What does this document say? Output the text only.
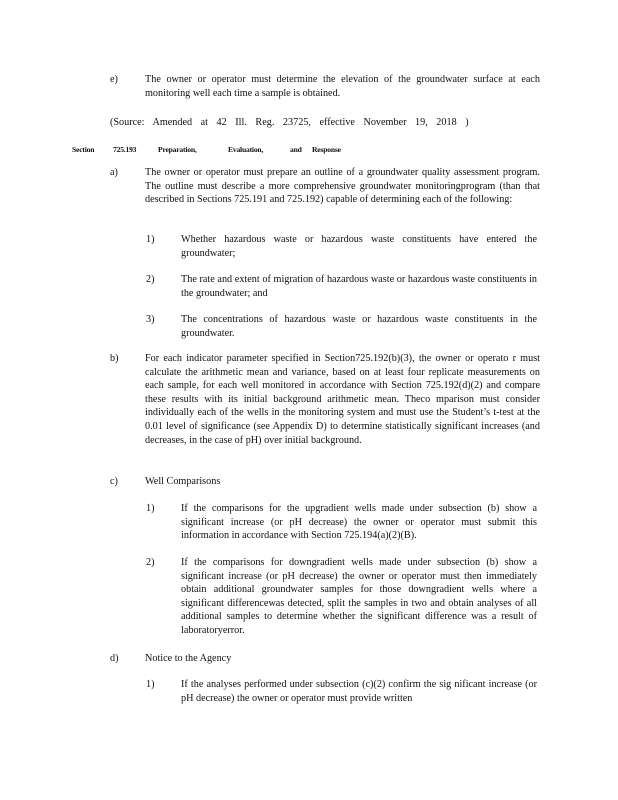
e)	The owner or operator must determine the elevation of the groundwater surface at each monitoring well each time a sample is obtained.
(Source: Amended at 42 Ill. Reg. 23725, effective November 19, 2018 )
Section 725.193	Preparation,	Evaluation,	and Response
a)	The owner or operator must prepare an outline of a groundwater quality assessment program. The outline must describe a more comprehensive groundwater monitoringprogram (than that described in Sections 725.191 and 725.192) capable of determining each of the following:
1)	Whether hazardous waste or hazardous waste constituents have entered the groundwater;
2)	The rate and extent of migration of hazardous waste or hazardous waste constituents in the groundwater; and
3)	The concentrations of hazardous waste or hazardous waste constituents in the groundwater.
b)	For each indicator parameter specified in Section725.192(b)(3), the owner or operato r must calculate the arithmetic mean and variance, based on at least four replicate measurements on each sample, for each well monitored in accordance with Section 725.192(d)(2) and compare these results with its initial background arithmetic mean. Theco mparison must consider individually each of the wells in the monitoring system and must use the Student’s t-test at the 0.01 level of significance (see Appendix D) to determine statistically significant increases (and decreases, in the case of pH) over initial background.
c)	Well Comparisons
1)	If the comparisons for the upgradient wells made under subsection (b) show a significant increase (or pH decrease) the owner or operator must submit this information in accordance with Section 725.194(a)(2)(B).
2)	If the comparisons for downgradient wells made under subsection (b) show a significant increase (or pH decrease) the owner or operator must then immediately obtain additional groundwater samples for those downgradient wells where a significant differencewas detected, split the samples in two and obtain analyses of all additional samples to determine whether the significant difference was a result of laboratoryerror.
d)	Notice to the Agency
1)	If the analyses performed under subsection (c)(2) confirm the sig nificant increase (or pH decrease) the owner or operator must provide written
